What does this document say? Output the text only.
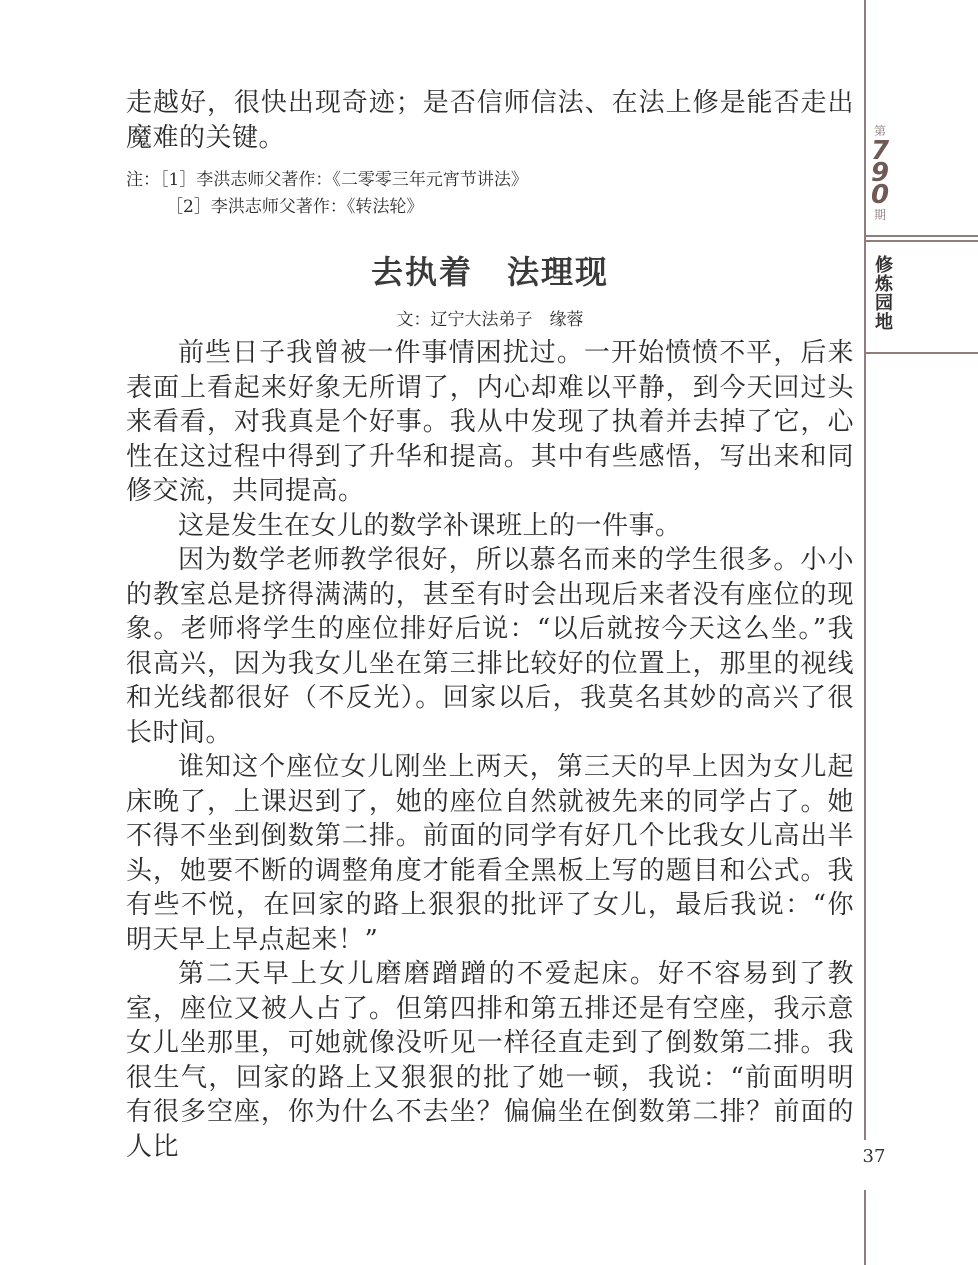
走越好，很快出现奇迹；是否信师信法、在法上修是能否走出魔难的关键。

注：［1］李洪志师父著作：《二零零三年元宵节讲法》
［2］李洪志师父著作：《转法轮》
去执着　法理现
文：辽宁大法弟子　缘蓉

前些日子我曾被一件事情困扰过。一开始愤愤不平，后来表面上看起来好象无所谓了，内心却难以平静，到今天回过头来看看，对我真是个好事。我从中发现了执着并去掉了它，心性在这过程中得到了升华和提高。其中有些感悟，写出来和同修交流，共同提高。

这是发生在女儿的数学补课班上的一件事。

因为数学老师教学很好，所以慕名而来的学生很多。小小的教室总是挤得满满的，甚至有时会出现后来者没有座位的现象。老师将学生的座位排好后说：“以后就按今天这么坐。”我很高兴，因为我女儿坐在第三排比较好的位置上，那里的视线和光线都很好（不反光）。回家以后，我莫名其妙的高兴了很长时间。

谁知这个座位女儿刚坐上两天，第三天的早上因为女儿起床晚了，上课迟到了，她的座位自然就被先来的同学占了。她不得不坐到倒数第二排。前面的同学有好几个比我女儿高出半头，她要不断的调整角度才能看全黑板上写的题目和公式。我有些不悦，在回家的路上狠狠的批评了女儿，最后我说：“你明天早上早点起来！”

第二天早上女儿磨磨蹭蹭的不爱起床。好不容易到了教室，座位又被人占了。但第四排和第五排还是有空座，我示意女儿坐那里，可她就像没听见一样径直走到了倒数第二排。我很生气，回家的路上又狠狠的批了她一顿，我说：“前面明明有很多空座，你为什么不去坐？偏偏坐在倒数第二排？前面的人比

第
7
9
0
期
修炼园地
37
